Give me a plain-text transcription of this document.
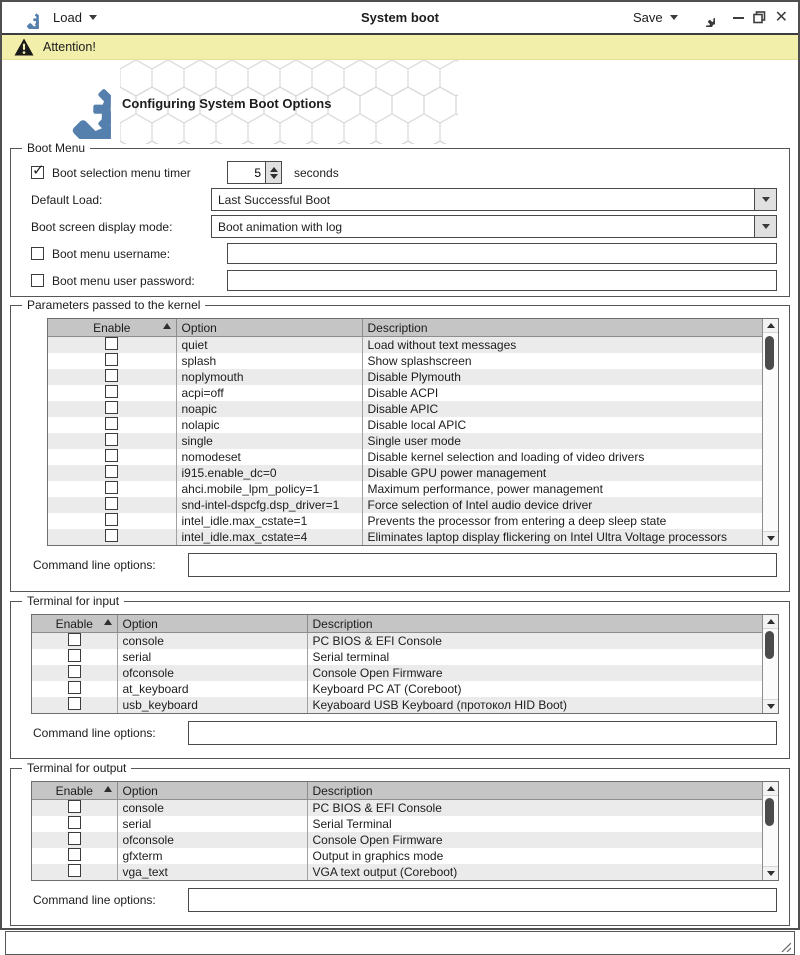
Load	System boot	Save	✕
Attention!
Configuring System Boot Options
Boot Menu
✓
Boot selection menu timer
5	seconds
Default Load:	Last Successful Boot
Boot screen display mode:	Boot animation with log
Boot menu username:
Boot menu user password:
Parameters passed to the kernel
Enable	Option	Description
	quiet	Load without text messages
	splash	Show splashscreen
	noplymouth	Disable Plymouth
	acpi=off	Disable ACPI
	noapic	Disable APIC
	nolapic	Disable local APIC
	single	Single user mode
	nomodeset	Disable kernel selection and loading of video drivers
	i915.enable_dc=0	Disable GPU power management
	ahci.mobile_lpm_policy=1	Maximum performance, power management
	snd-intel-dspcfg.dsp_driver=1	Force selection of Intel audio device driver
	intel_idle.max_cstate=1	Prevents the processor from entering a deep sleep state
	intel_idle.max_cstate=4	Eliminates laptop display flickering on Intel Ultra Voltage processors
Command line options:
Terminal for input
Enable	Option	Description
	console	PC BIOS & EFI Console
	serial	Serial terminal
	ofconsole	Console Open Firmware
	at_keyboard	Keyboard PC AT (Coreboot)
	usb_keyboard	Keyaboard USB Keyboard (протокол HID Boot)
Command line options:
Terminal for output
Enable	Option	Description
	console	PC BIOS & EFI Console
	serial	Serial Terminal
	ofconsole	Console Open Firmware
	gfxterm	Output in graphics mode
	vga_text	VGA text output (Coreboot)
Command line options:
